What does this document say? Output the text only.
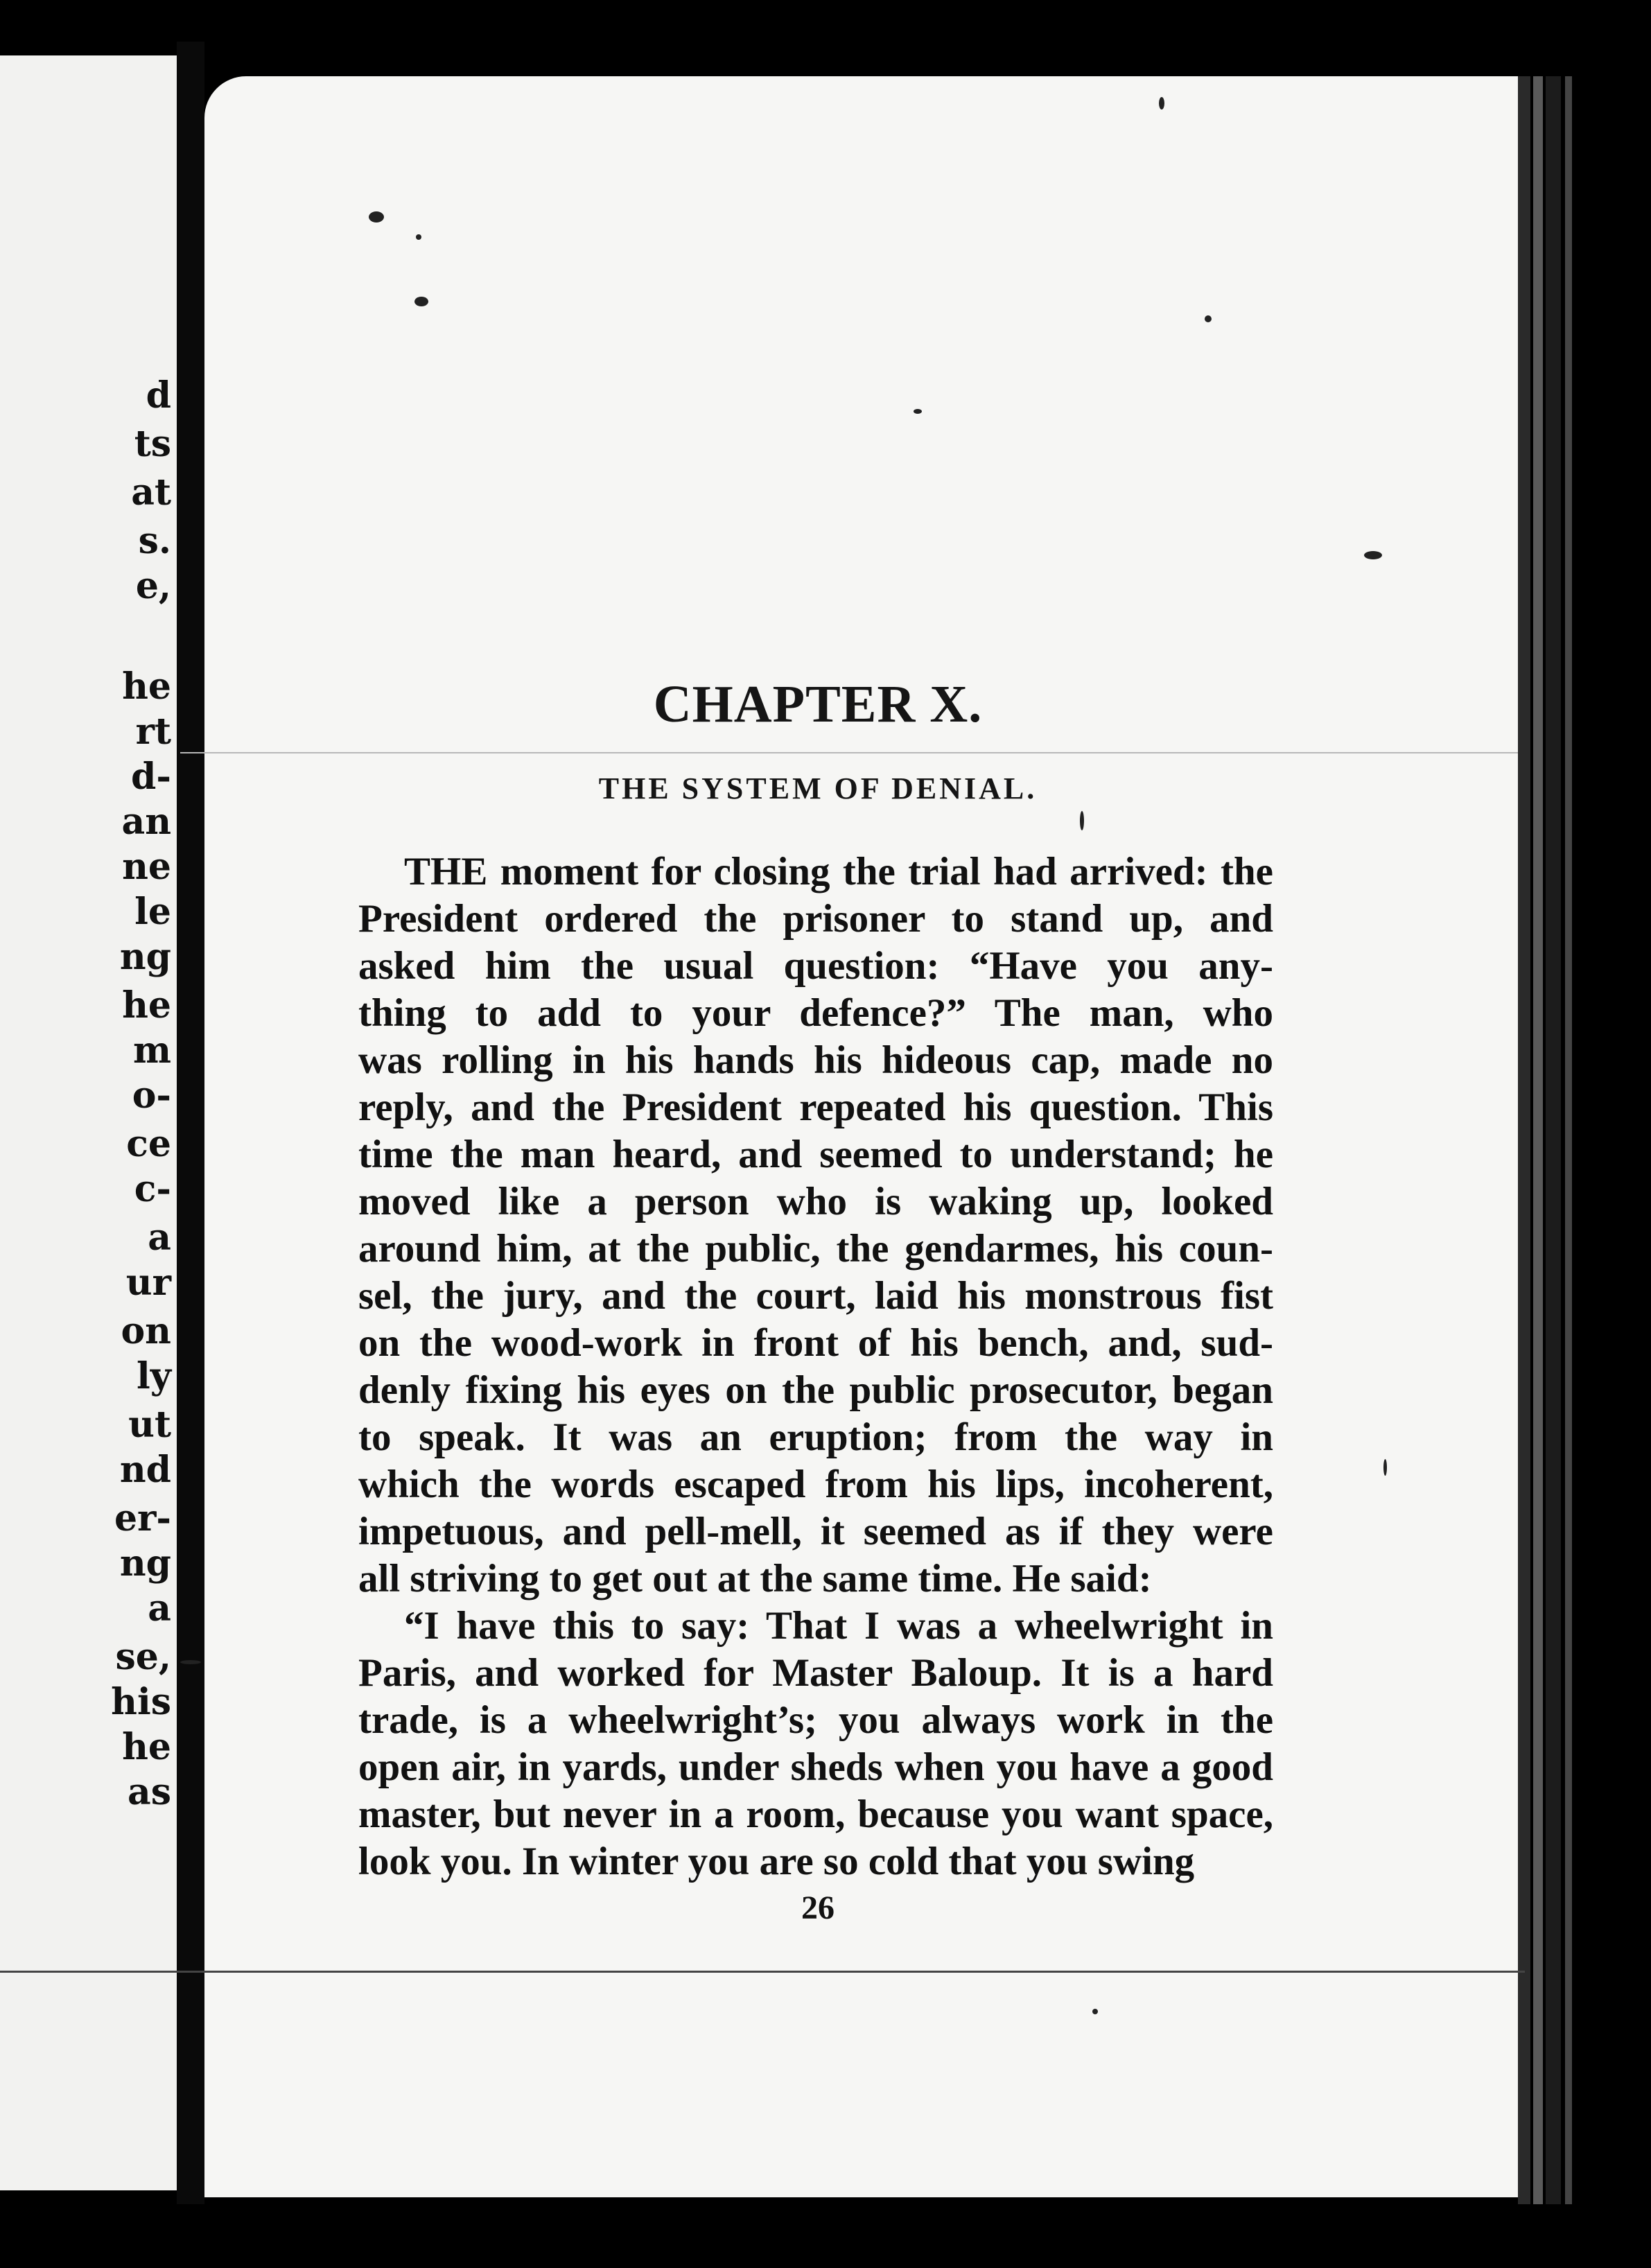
d
ts
at
s.
e,
he
rt
d-
an
ne
le
ng
he
m
o-
ce
c-
a
ur
on
ly
ut
nd
er-
ng
a
se,
his
he
as
CHAPTER X.
THE SYSTEM OF DENIAL.
THE moment for closing the trial had arrived: the
President ordered the prisoner to stand up, and
asked him the usual question: “Have you any-
thing to add to your defence?” The man, who
was rolling in his hands his hideous cap, made no
reply, and the President repeated his question. This
time the man heard, and seemed to understand; he
moved like a person who is waking up, looked
around him, at the public, the gendarmes, his coun-
sel, the jury, and the court, laid his monstrous fist
on the wood-work in front of his bench, and, sud-
denly fixing his eyes on the public prosecutor, began
to speak. It was an eruption; from the way in
which the words escaped from his lips, incoherent,
impetuous, and pell-mell, it seemed as if they were
all striving to get out at the same time. He said:
“I have this to say: That I was a wheelwright in
Paris, and worked for Master Baloup. It is a hard
trade, is a wheelwright’s; you always work in the
open air, in yards, under sheds when you have a good
master, but never in a room, because you want space,
look you. In winter you are so cold that you swing
26
